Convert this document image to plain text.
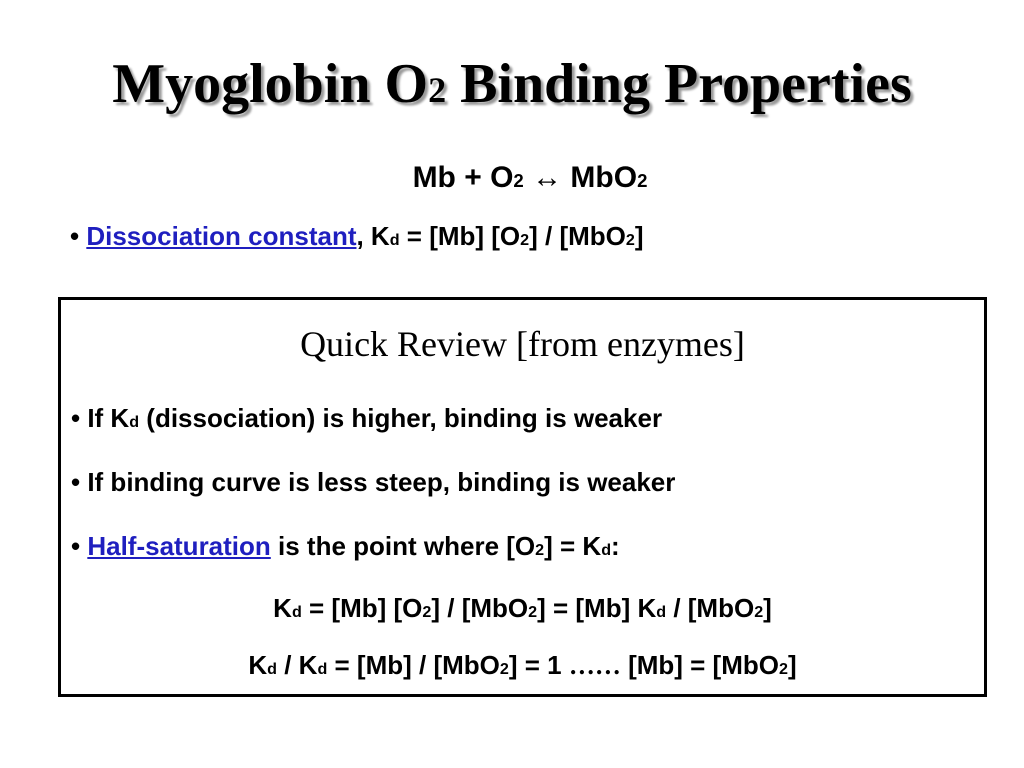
Myoglobin O2 Binding Properties
Mb + O2 ↔ MbO2
• Dissociation constant, Kd = [Mb] [O2] / [MbO2]
Quick Review [from enzymes]
• If Kd (dissociation) is higher, binding is weaker
• If binding curve is less steep, binding is weaker
• Half-saturation is the point where [O2] = Kd:
Kd = [Mb] [O2] / [MbO2] = [Mb] Kd / [MbO2]
Kd / Kd = [Mb] / [MbO2] = 1 …… [Mb] = [MbO2]
